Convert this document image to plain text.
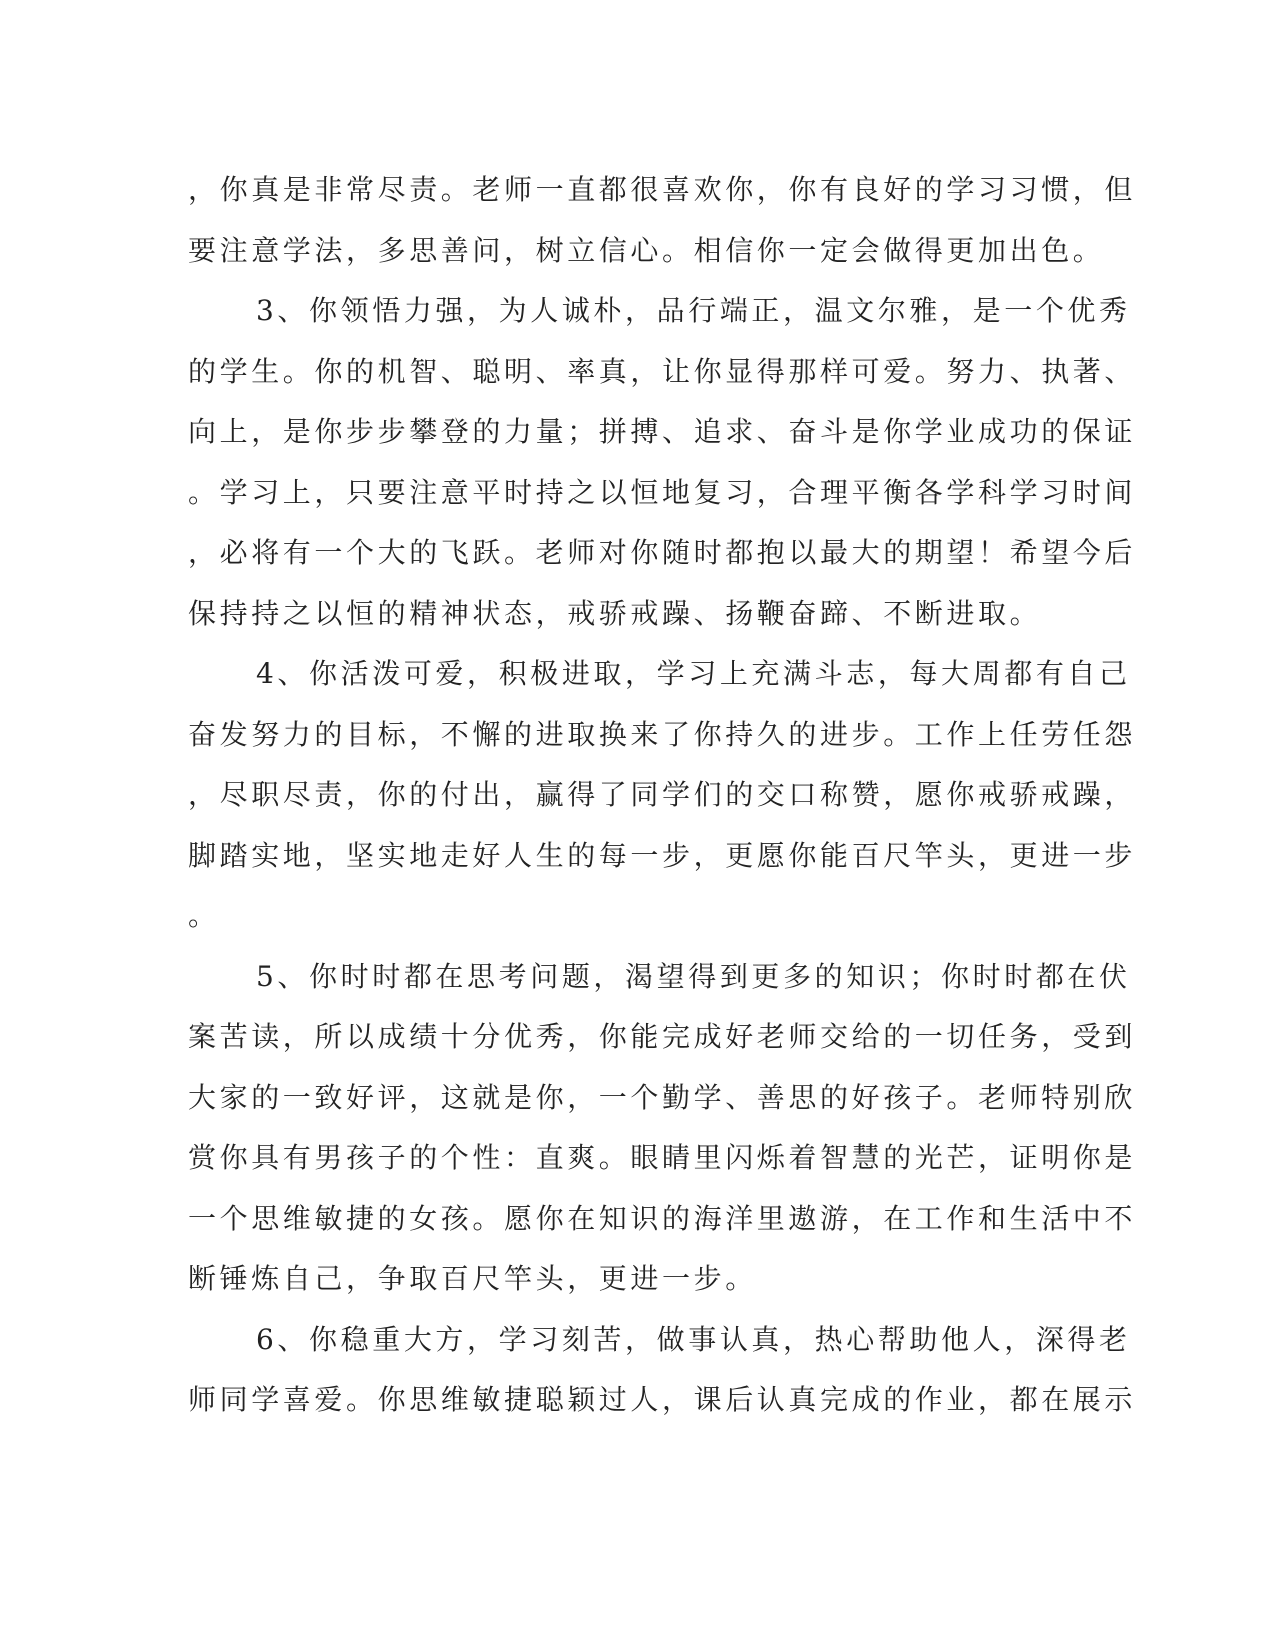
，你真是非常尽责。老师一直都很喜欢你，你有良好的学习习惯，但
要注意学法，多思善问，树立信心。相信你一定会做得更加出色。
3、你领悟力强，为人诚朴，品行端正，温文尔雅，是一个优秀
的学生。你的机智、聪明、率真，让你显得那样可爱。努力、执著、
向上，是你步步攀登的力量；拼搏、追求、奋斗是你学业成功的保证
。学习上，只要注意平时持之以恒地复习，合理平衡各学科学习时间
，必将有一个大的飞跃。老师对你随时都抱以最大的期望！希望今后
保持持之以恒的精神状态，戒骄戒躁、扬鞭奋蹄、不断进取。
4、你活泼可爱，积极进取，学习上充满斗志，每大周都有自己
奋发努力的目标，不懈的进取换来了你持久的进步。工作上任劳任怨
，尽职尽责，你的付出，赢得了同学们的交口称赞，愿你戒骄戒躁，
脚踏实地，坚实地走好人生的每一步，更愿你能百尺竿头，更进一步
。
5、你时时都在思考问题，渴望得到更多的知识；你时时都在伏
案苦读，所以成绩十分优秀，你能完成好老师交给的一切任务，受到
大家的一致好评，这就是你，一个勤学、善思的好孩子。老师特别欣
赏你具有男孩子的个性：直爽。眼睛里闪烁着智慧的光芒，证明你是
一个思维敏捷的女孩。愿你在知识的海洋里遨游，在工作和生活中不
断锤炼自己，争取百尺竿头，更进一步。
6、你稳重大方，学习刻苦，做事认真，热心帮助他人，深得老
师同学喜爱。你思维敏捷聪颖过人，课后认真完成的作业，都在展示
